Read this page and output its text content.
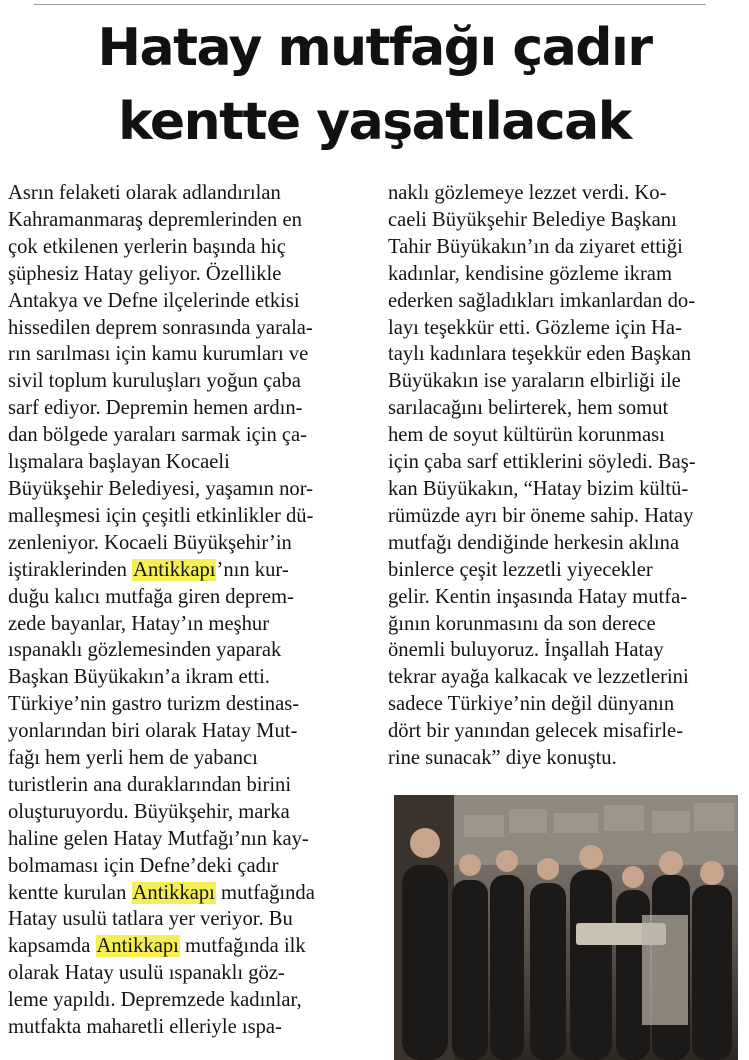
Hatay mutfağı çadır
kentte yaşatılacak
Asrın felaketi olarak adlandırılan
Kahramanmaraş depremlerinden en
çok etkilenen yerlerin başında hiç
şüphesiz Hatay geliyor. Özellikle
Antakya ve Defne ilçelerinde etkisi
hissedilen deprem sonrasında yarala-
rın sarılması için kamu kurumları ve
sivil toplum kuruluşları yoğun çaba
sarf ediyor. Depremin hemen ardın-
dan bölgede yaraları sarmak için ça-
lışmalara başlayan Kocaeli
Büyükşehir Belediyesi, yaşamın nor-
malleşmesi için çeşitli etkinlikler dü-
zenleniyor. Kocaeli Büyükşehir’in
iştiraklerinden Antikkapı’nın kur-
duğu kalıcı mutfağa giren deprem-
zede bayanlar, Hatay’ın meşhur
ıspanaklı gözlemesinden yaparak
Başkan Büyükakın’a ikram etti.
Türkiye’nin gastro turizm destinas-
yonlarından biri olarak Hatay Mut-
fağı hem yerli hem de yabancı
turistlerin ana duraklarından birini
oluşturuyordu. Büyükşehir, marka
haline gelen Hatay Mutfağı’nın kay-
bolmaması için Defne’deki çadır
kentte kurulan Antikkapı mutfağında
Hatay usulü tatlara yer veriyor. Bu
kapsamda Antikkapı mutfağında ilk
olarak Hatay usulü ıspanaklı göz-
leme yapıldı. Depremzede kadınlar,
mutfakta maharetli elleriyle ıspa-
naklı gözlemeye lezzet verdi. Ko-
caeli Büyükşehir Belediye Başkanı
Tahir Büyükakın’ın da ziyaret ettiği
kadınlar, kendisine gözleme ikram
ederken sağladıkları imkanlardan do-
layı teşekkür etti. Gözleme için Ha-
taylı kadınlara teşekkür eden Başkan
Büyükakın ise yaraların elbirliği ile
sarılacağını belirterek, hem somut
hem de soyut kültürün korunması
için çaba sarf ettiklerini söyledi. Baş-
kan Büyükakın, “Hatay bizim kültü-
rümüzde ayrı bir öneme sahip. Hatay
mutfağı dendiğinde herkesin aklına
binlerce çeşit lezzetli yiyecekler
gelir. Kentin inşasında Hatay mutfa-
ğının korunmasını da son derece
önemli buluyoruz. İnşallah Hatay
tekrar ayağa kalkacak ve lezzetlerini
sadece Türkiye’nin değil dünyanın
dört bir yanından gelecek misafirle-
rine sunacak” diye konuştu.
